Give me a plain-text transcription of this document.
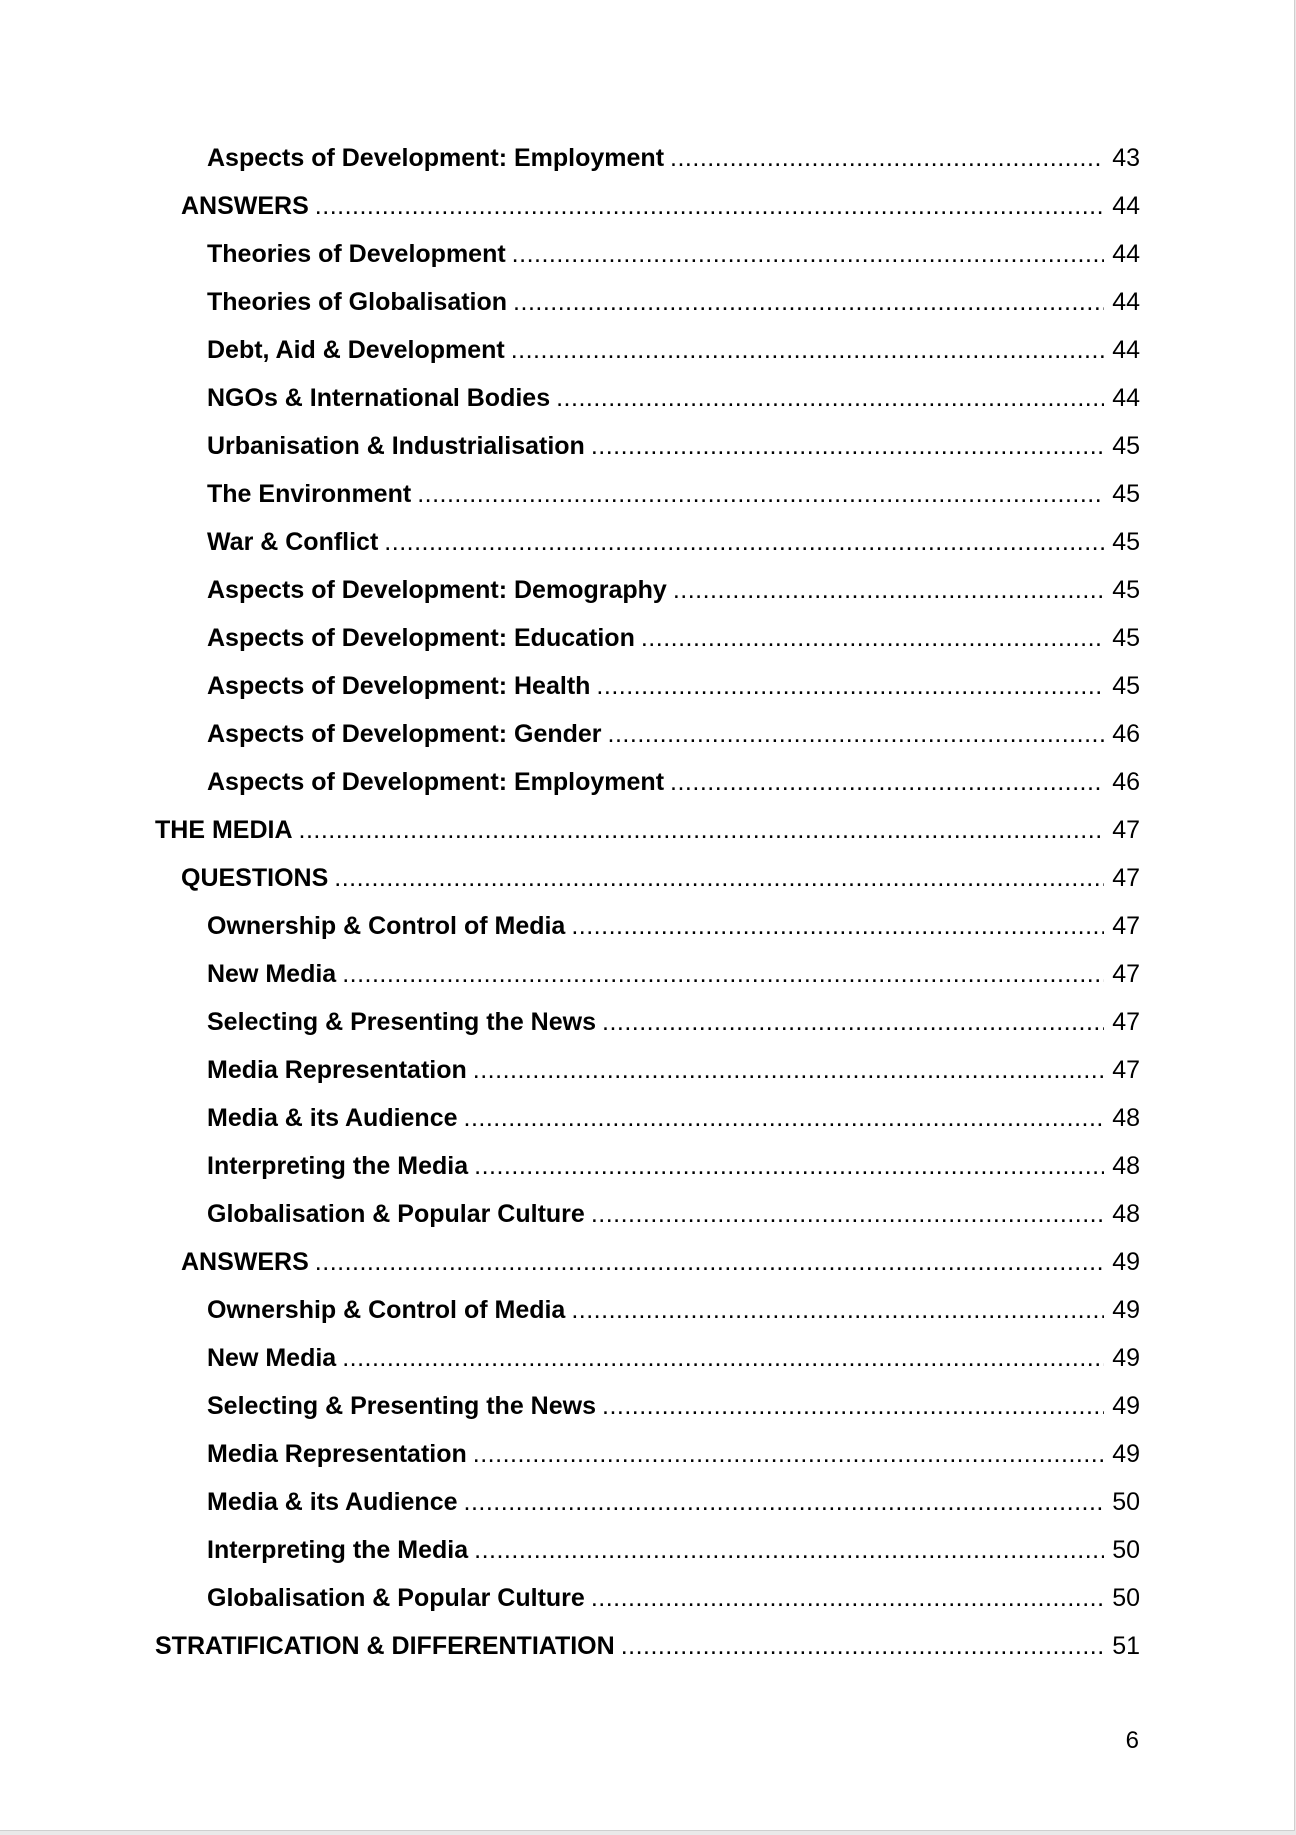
Aspects of Development: Employment .....	43
ANSWERS .....	44
Theories of Development .....	44
Theories of Globalisation .....	44
Debt, Aid & Development .....	44
NGOs & International Bodies .....	44
Urbanisation & Industrialisation .....	45
The Environment .....	45
War & Conflict .....	45
Aspects of Development: Demography .....	45
Aspects of Development: Education .....	45
Aspects of Development: Health .....	45
Aspects of Development: Gender .....	46
Aspects of Development: Employment .....	46
THE MEDIA .....	47
QUESTIONS .....	47
Ownership & Control of Media .....	47
New Media .....	47
Selecting & Presenting the News .....	47
Media Representation .....	47
Media & its Audience .....	48
Interpreting the Media .....	48
Globalisation & Popular Culture .....	48
ANSWERS .....	49
Ownership & Control of Media .....	49
New Media .....	49
Selecting & Presenting the News .....	49
Media Representation .....	49
Media & its Audience .....	50
Interpreting the Media .....	50
Globalisation & Popular Culture .....	50
STRATIFICATION & DIFFERENTIATION .....	51
6
